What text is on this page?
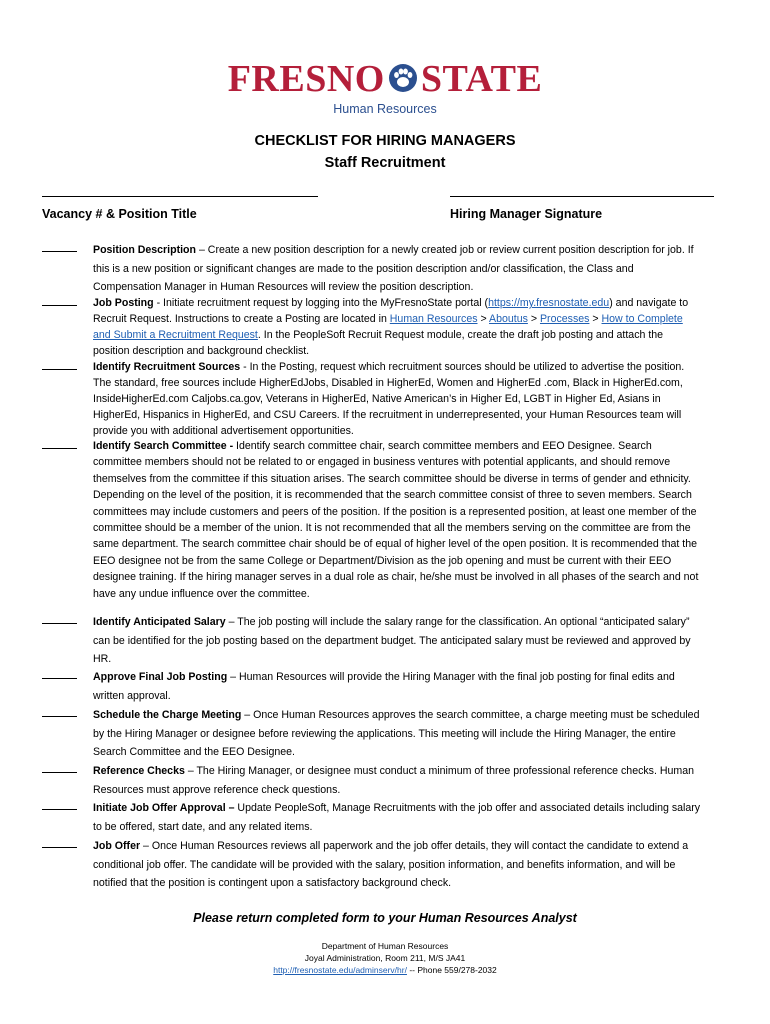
FRESNO STATE
Human Resources
CHECKLIST FOR HIRING MANAGERS
Staff Recruitment
Vacancy # & Position Title	Hiring Manager Signature
Position Description – Create a new position description for a newly created job or review current position description for job. If this is a new position or significant changes are made to the position description and/or classification, the Class and Compensation Manager in Human Resources will review the position description.
Job Posting - Initiate recruitment request by logging into the MyFresnoState portal (https://my.fresnostate.edu) and navigate to Recruit Request. Instructions to create a Posting are located in Human Resources > Aboutus > Processes > How to Complete and Submit a Recruitment Request. In the PeopleSoft Recruit Request module, create the draft job posting and attach the position description and background checklist.
Identify Recruitment Sources - In the Posting, request which recruitment sources should be utilized to advertise the position. The standard, free sources include HigherEdJobs, Disabled in HigherEd, Women and HigherEd .com, Black in HigherEd.com, InsideHigherEd.com Caljobs.ca.gov, Veterans in HigherEd, Native American’s in Higher Ed, LGBT in Higher Ed, Asians in HigherEd, Hispanics in HigherEd, and CSU Careers. If the recruitment in underrepresented, your Human Resources team will provide you with additional advertisement opportunities.
Identify Search Committee - Identify search committee chair, search committee members and EEO Designee. Search committee members should not be related to or engaged in business ventures with potential applicants, and should remove themselves from the committee if this situation arises. The search committee should be diverse in terms of gender and ethnicity. Depending on the level of the position, it is recommended that the search committee consist of three to seven members. Search committees may include customers and peers of the position. If the position is a represented position, at least one member of the committee should be a member of the union. It is not recommended that all the members serving on the committee are from the same department. The search committee chair should be of equal of higher level of the open position. It is recommended that the EEO designee not be from the same College or Department/Division as the job opening and must be current with their EEO designee training. If the hiring manager serves in a dual role as chair, he/she must be involved in all phases of the search and not have any undue influence over the committee.
Identify Anticipated Salary – The job posting will include the salary range for the classification. An optional “anticipated salary” can be identified for the job posting based on the department budget. The anticipated salary must be reviewed and approved by HR.
Approve Final Job Posting – Human Resources will provide the Hiring Manager with the final job posting for final edits and written approval.
Schedule the Charge Meeting – Once Human Resources approves the search committee, a charge meeting must be scheduled by the Hiring Manager or designee before reviewing the applications. This meeting will include the Hiring Manager, the entire Search Committee and the EEO Designee.
Reference Checks – The Hiring Manager, or designee must conduct a minimum of three professional reference checks. Human Resources must approve reference check questions.
Initiate Job Offer Approval – Update PeopleSoft, Manage Recruitments with the job offer and associated details including salary to be offered, start date, and any related items.
Job Offer – Once Human Resources reviews all paperwork and the job offer details, they will contact the candidate to extend a conditional job offer. The candidate will be provided with the salary, position information, and benefits information, and will be notified that the position is contingent upon a satisfactory background check.
Please return completed form to your Human Resources Analyst
Department of Human Resources
Joyal Administration, Room 211, M/S JA41
http://fresnostate.edu/adminserv/hr/ -- Phone 559/278-2032
